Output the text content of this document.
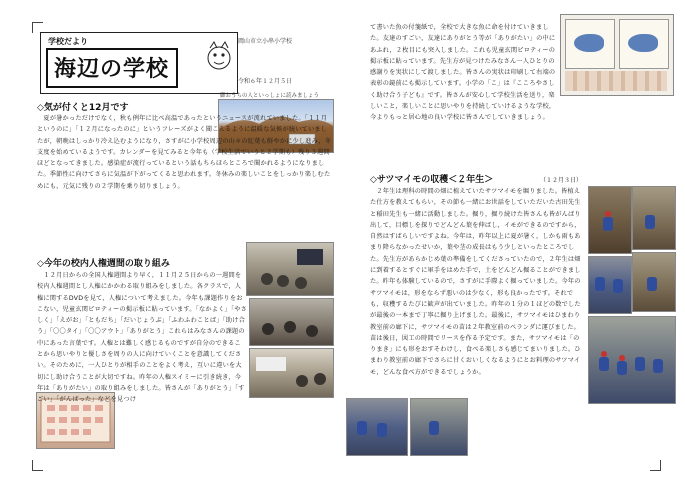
学校だより
海辺の学校
岡山市立小串小学校
令和６年１２月５日
御おうちの人といっしょに読みましょう
◇気が付くと12月です
　夏が暑かっただけでなく，秋も例年に比べ高温であったというニュースが流れていました。「１１月というのに」「１２月になったのに」というフレーズがよく聞こえるように温暖な気候が続いていましたが，朝晩はしっかり冷え込むようになり，さすがに小学校周辺の山々の紅葉も鮮やかに少し進み，冬支度を始めているようです。カレンダーを見てみると今年も（学校生活でいうと２学期も）残り３週間ほどとなってきました。感染症が流行っているという話もちらほらところで聞かれるようになりました。季節性に向けてさらに気温が下がってくると思われます。冬休みの楽しいことをしっかり楽しむためにも，元気に残りの２学期を乗り切りましょう。
◇今年の校内人権週間の取り組み
　１２月日からの全国人権週間より早く，１１月２５日からの一週間を校内人権週間とし人権にかかわる取り組みをしました。各クラスで，人権に関するDVDを見て，人権について考えました。今年も課題作りをおこない，児童玄関ピロティーの掲示板に貼っています。「なかよく」「やさしく」「えがお」「ともだち」「だいじょうぶ」「ふわふわことば」「助け合う」「〇〇タイ」「〇〇アウト」「ありがとう」これらはみなさんの課題の中にあった言葉です。人権とは難しく感じるものですが自分のできることから思いやりと優しさを周りの人に向けていくことを意識してください。そのために，一人ひとりが相手のことをよく考え，互いに違いを大切にし助け合うことが大切ですね。昨年の人権スイミーに引き続き，今年は「ありがたい」の取り組みをしました。皆さんが「ありがとう」「すごい」「がんばった」などを見つけ
て書いた魚の付箋紙で，全校で大きな魚に命を付けていきました。友達のすごい，友達にありがとう等が「ありがたい」の中にあふれ，２枚目にも突入しました。これも児童玄関ピロティーの掲示板に貼っています。先生方が見つけたみなさん一人ひとりの感謝りを実状にして渡しました。皆さんの実状は印刷して右端の表彰の鏡前にも掲示しています。小学の「こ」は『こころやさしく助け合う子ども』です。皆さんが安心して学校生活を送り，楽しいこと，楽しいことに思いやりを持続していけるような学校，今よりもっと居心地の良い学校に皆さんでしていきましょう。
◇サツマイモの収穫＜２年生＞	（１２月３日）
　２年生は理科の時間の畑に植えていたサツマイモを堀りました。皆植えた仕方を教えてもらい，その節も一緒にお世話をしていただいた古田先生と稲田先生も一緒に活動しました。掘り，掘り続けた皆さんも皆がんばり出して，目標しを探りでどんどん葉を伸ばし，イモができるのですから，自然はすばらしいですよね。今年は，昨年以上に夏が暑く，しかも雨もあまり降らなかったせいか，葉や茎の成長はもう少しといったところでした。先生方があらかじめ葉の準備をしてくださっていたので，２年生は畑に到着するとすぐに軍手をはめた手で，土をどんどん掘ることができました。昨年も体験しているので，さすがに手際よく掘っていました。今年のサツマイモは，形をならず悪いのは少なく，形も良かったです。それでも，収穫するたびに歓声が出ていました。昨年の１分の１ほどの数でしたが最後の一本まで丁寧に掘り上げました。最後に，サツマイモはひまわり教室前の廊下に，サツマイモの苗は２年教室前のベランダに運びました。苗は後日，図工の時間でリースを作る予定です。また，サツマイモは「のりまき」にも形をおすそわけし，食べる楽しさも感じてまいりました。ひまわり教室前の廊下でさらに甘くおいしくなるようにとお料理のサツマイモ，どんな食べ方ができるでしょうか。
